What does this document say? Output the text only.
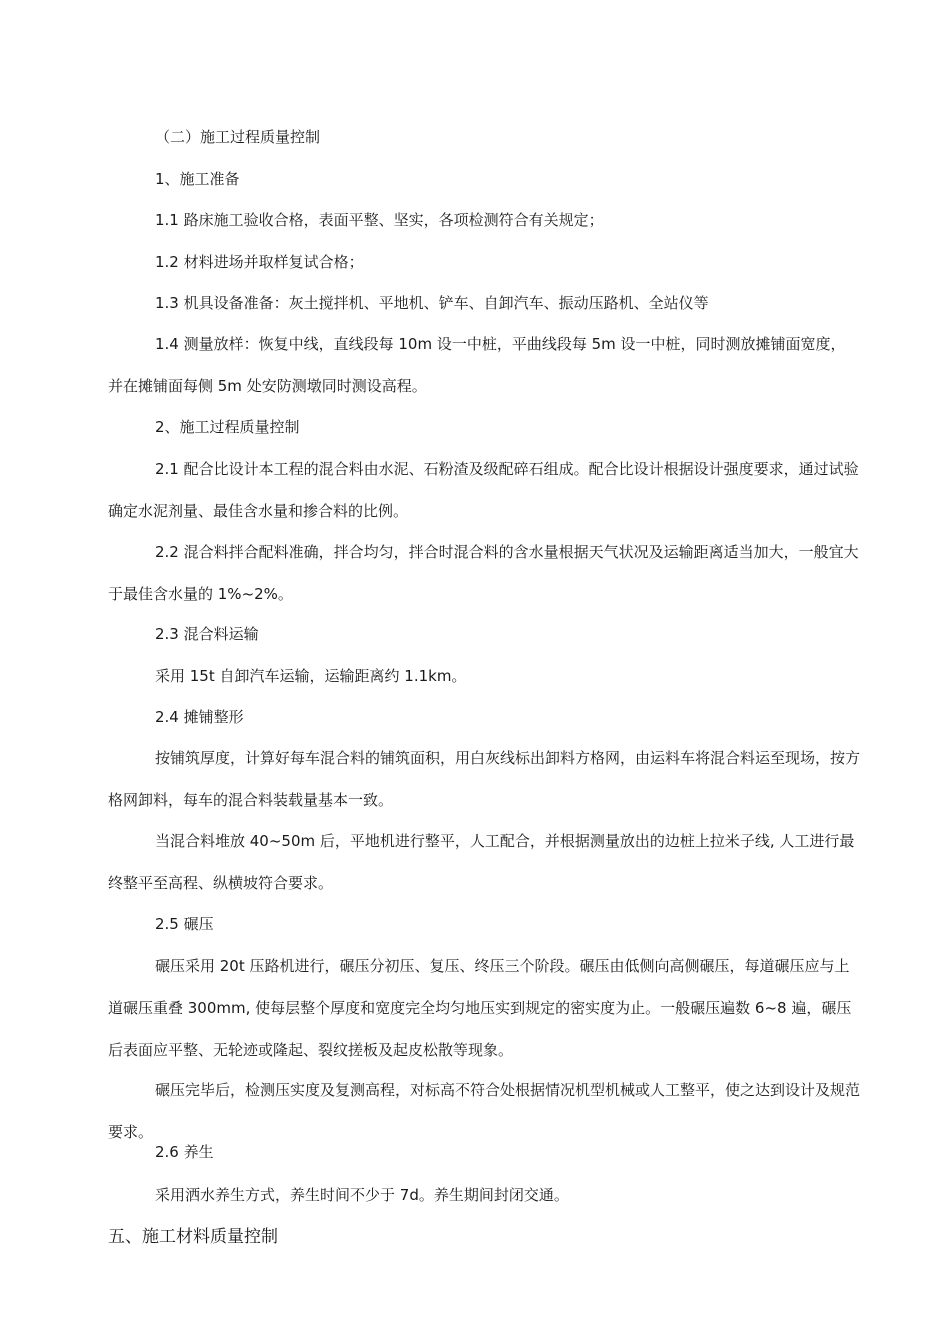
（二）施工过程质量控制

1、施工准备

1.1 路床施工验收合格，表面平整、坚实，各项检测符合有关规定；

1.2 材料进场并取样复试合格；

1.3 机具设备准备：灰土搅拌机、平地机、铲车、自卸汽车、振动压路机、全站仪等

1.4 测量放样：恢复中线，直线段每 10m 设一中桩，平曲线段每 5m 设一中桩，同时测放摊铺面宽度，并在摊铺面每侧 5m 处安防测墩同时测设高程。

2、施工过程质量控制

2.1 配合比设计本工程的混合料由水泥、石粉渣及级配碎石组成。配合比设计根据设计强度要求，通过试验确定水泥剂量、最佳含水量和掺合料的比例。

2.2 混合料拌合配料准确，拌合均匀，拌合时混合料的含水量根据天气状况及运输距离适当加大，一般宜大于最佳含水量的 1%~2%。

2.3 混合料运输

采用 15t 自卸汽车运输，运输距离约 1.1km。

2.4 摊铺整形

按铺筑厚度，计算好每车混合料的铺筑面积，用白灰线标出卸料方格网，由运料车将混合料运至现场，按方格网卸料，每车的混合料装载量基本一致。

当混合料堆放 40~50m 后，平地机进行整平，人工配合，并根据测量放出的边桩上拉米子线, 人工进行最终整平至高程、纵横坡符合要求。

2.5 碾压

碾压采用 20t 压路机进行，碾压分初压、复压、终压三个阶段。碾压由低侧向高侧碾压，每道碾压应与上道碾压重叠 300mm, 使每层整个厚度和宽度完全均匀地压实到规定的密实度为止。一般碾压遍数 6~8 遍，碾压后表面应平整、无轮迹或隆起、裂纹搓板及起皮松散等现象。

碾压完毕后，检测压实度及复测高程，对标高不符合处根据情况机型机械或人工整平，使之达到设计及规范要求。

2.6 养生

采用洒水养生方式，养生时间不少于 7d。养生期间封闭交通。

五、施工材料质量控制
